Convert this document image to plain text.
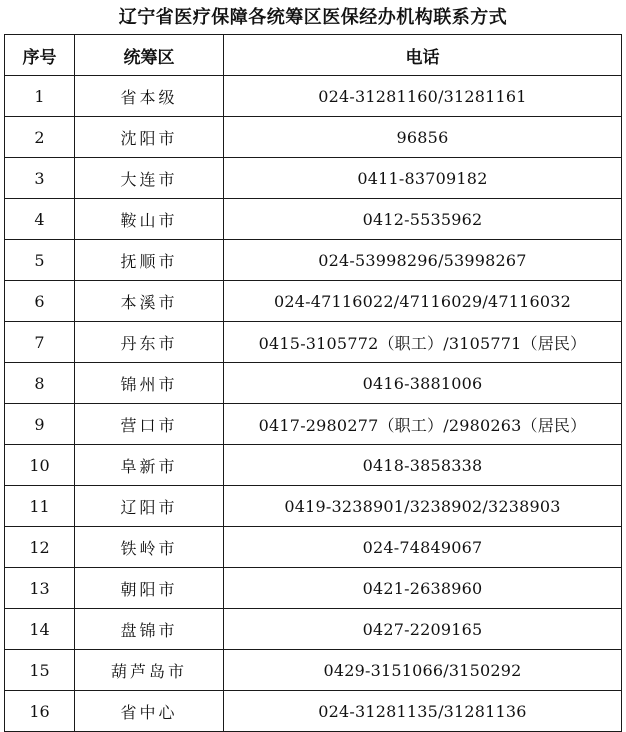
辽宁省医疗保障各统筹区医保经办机构联系方式
序号	统筹区	电话
1	省本级	024-31281160/31281161
2	沈阳市	96856
3	大连市	0411-83709182
4	鞍山市	0412-5535962
5	抚顺市	024-53998296/53998267
6	本溪市	024-47116022/47116029/47116032
7	丹东市	0415-3105772（职工）/3105771（居民）
8	锦州市	0416-3881006
9	营口市	0417-2980277（职工）/2980263（居民）
10	阜新市	0418-3858338
11	辽阳市	0419-3238901/3238902/3238903
12	铁岭市	024-74849067
13	朝阳市	0421-2638960
14	盘锦市	0427-2209165
15	葫芦岛市	0429-3151066/3150292
16	省中心	024-31281135/31281136
